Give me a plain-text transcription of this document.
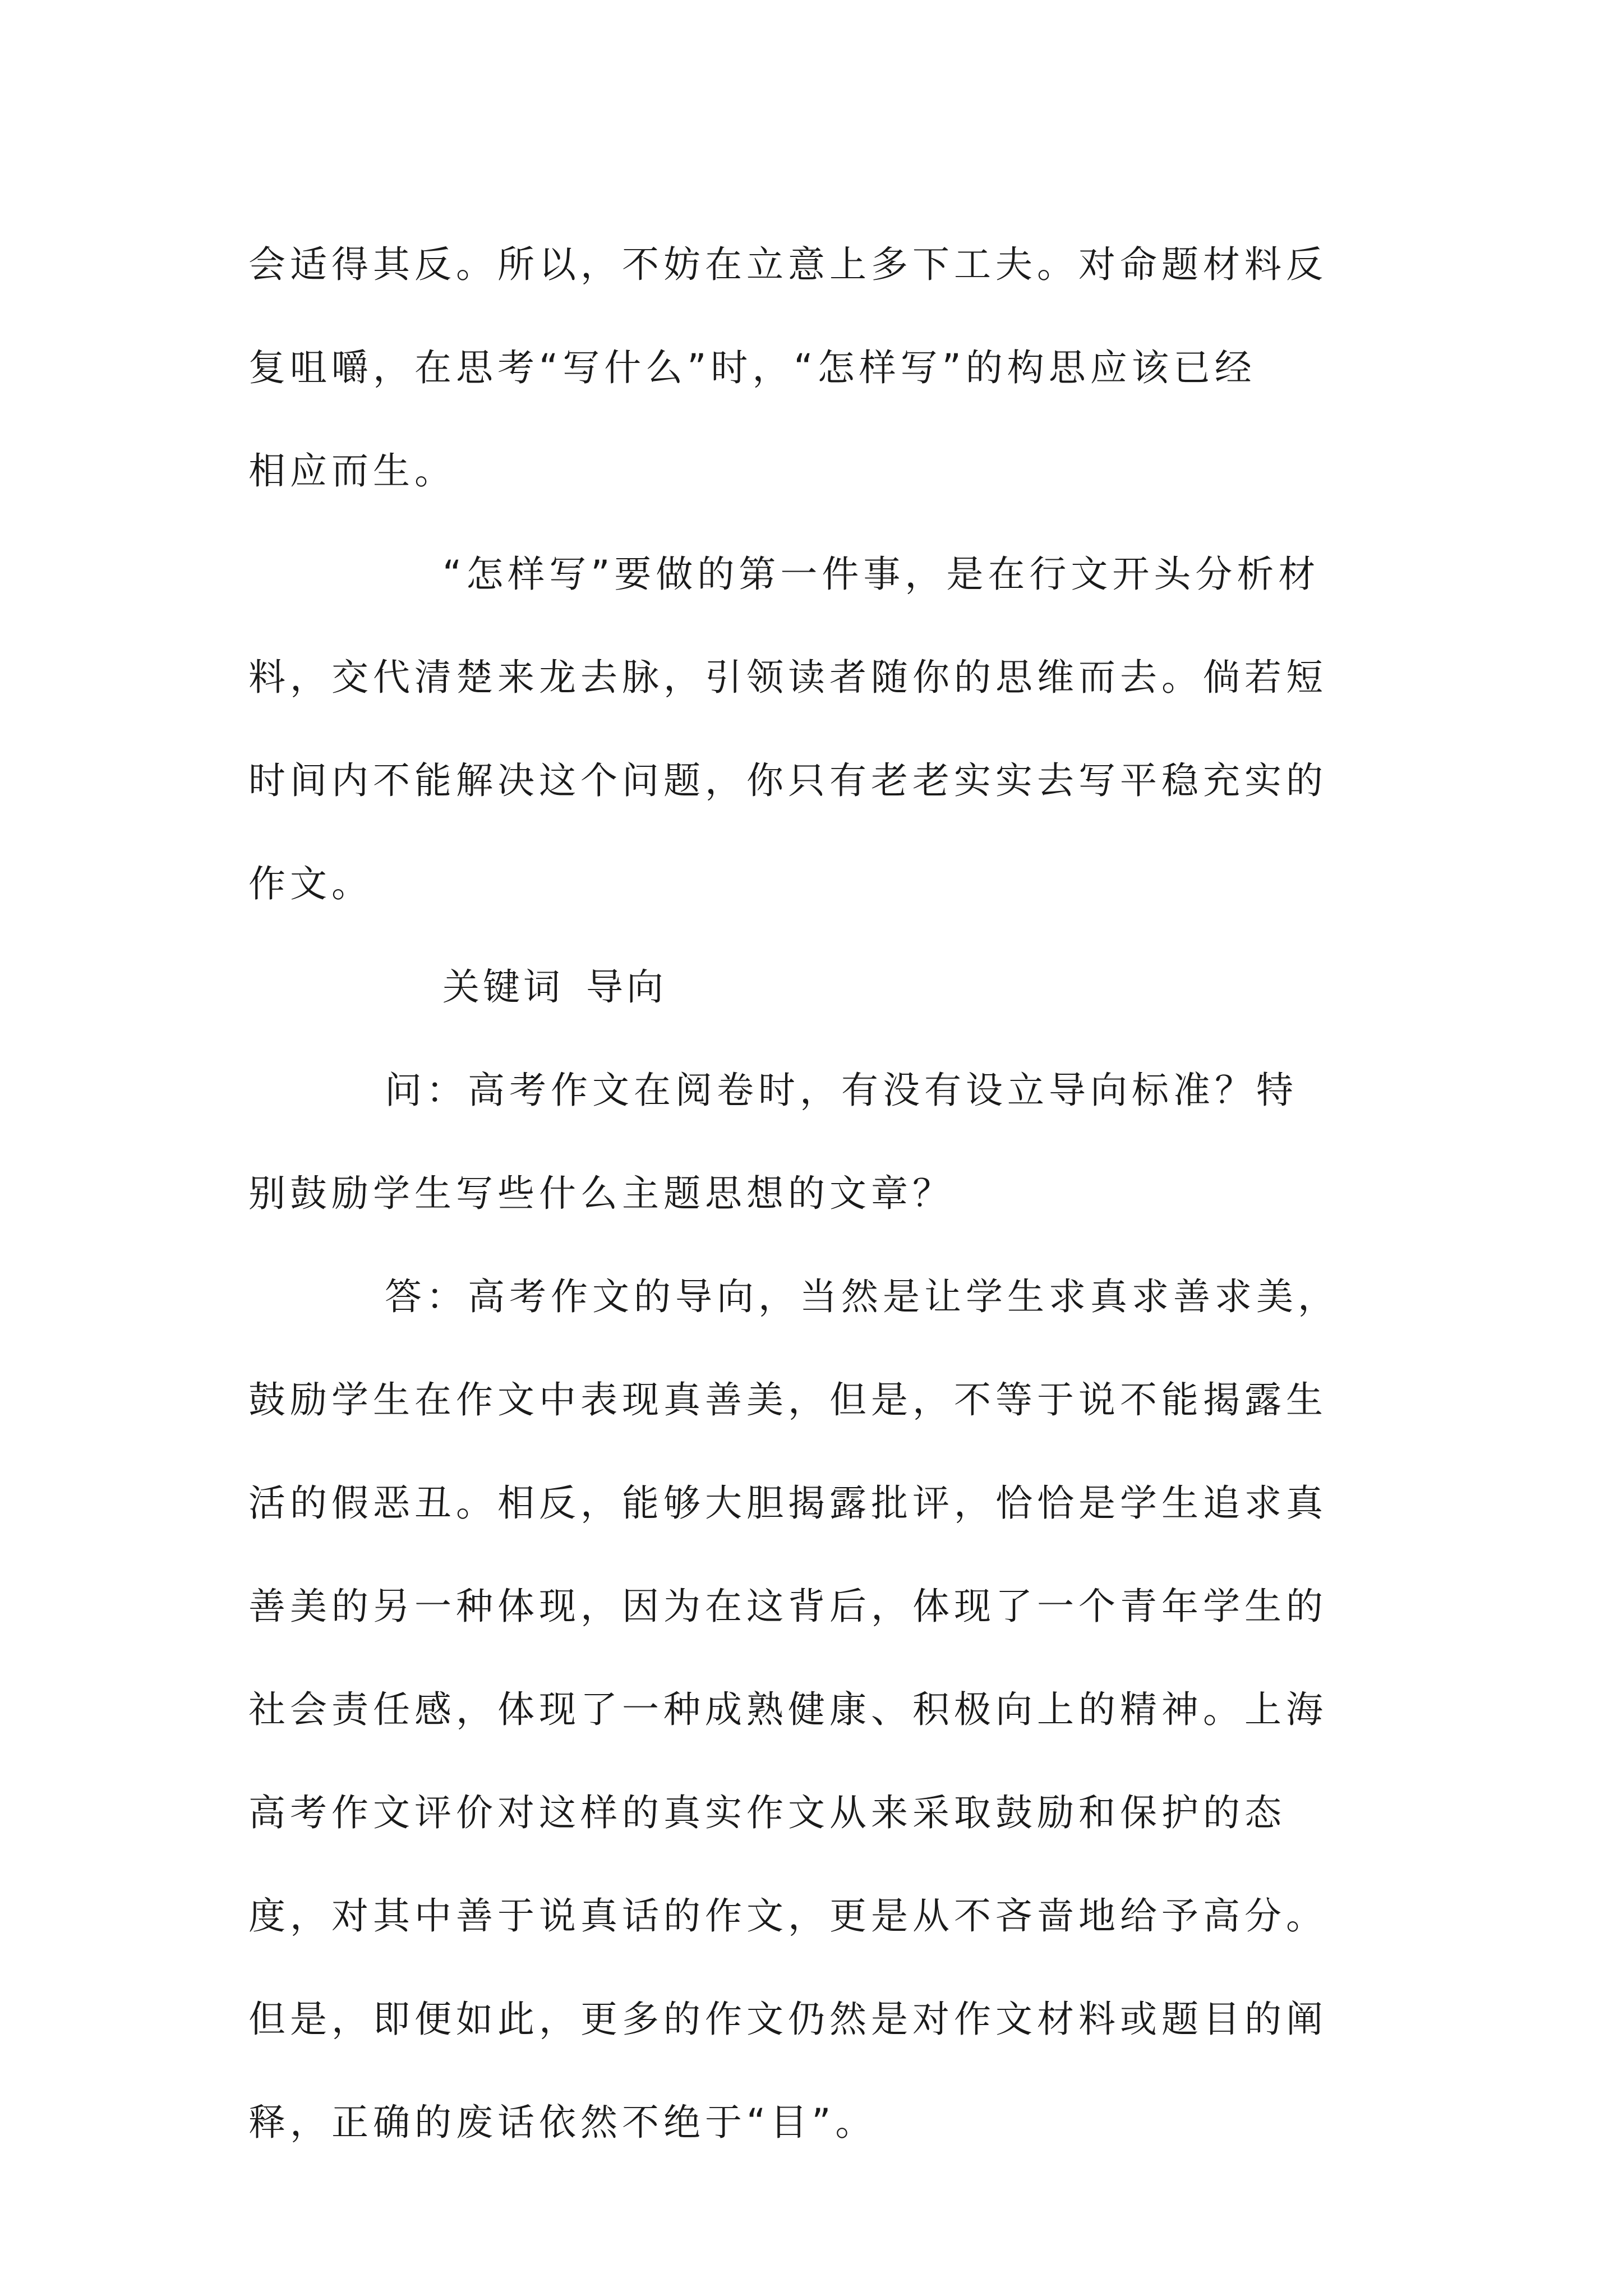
会适得其反。所以，不妨在立意上多下工夫。对命题材料反
复咀嚼，在思考“写什么”时，“怎样写”的构思应该已经
相应而生。
“怎样写”要做的第一件事，是在行文开头分析材
料，交代清楚来龙去脉，引领读者随你的思维而去。倘若短
时间内不能解决这个问题，你只有老老实实去写平稳充实的
作文。
关键词 导向
问：高考作文在阅卷时，有没有设立导向标准？特
别鼓励学生写些什么主题思想的文章？
答：高考作文的导向，当然是让学生求真求善求美，
鼓励学生在作文中表现真善美，但是，不等于说不能揭露生
活的假恶丑。相反，能够大胆揭露批评，恰恰是学生追求真
善美的另一种体现，因为在这背后，体现了一个青年学生的
社会责任感，体现了一种成熟健康、积极向上的精神。上海
高考作文评价对这样的真实作文从来采取鼓励和保护的态
度，对其中善于说真话的作文，更是从不吝啬地给予高分。
但是，即便如此，更多的作文仍然是对作文材料或题目的阐
释，正确的废话依然不绝于“目”。
